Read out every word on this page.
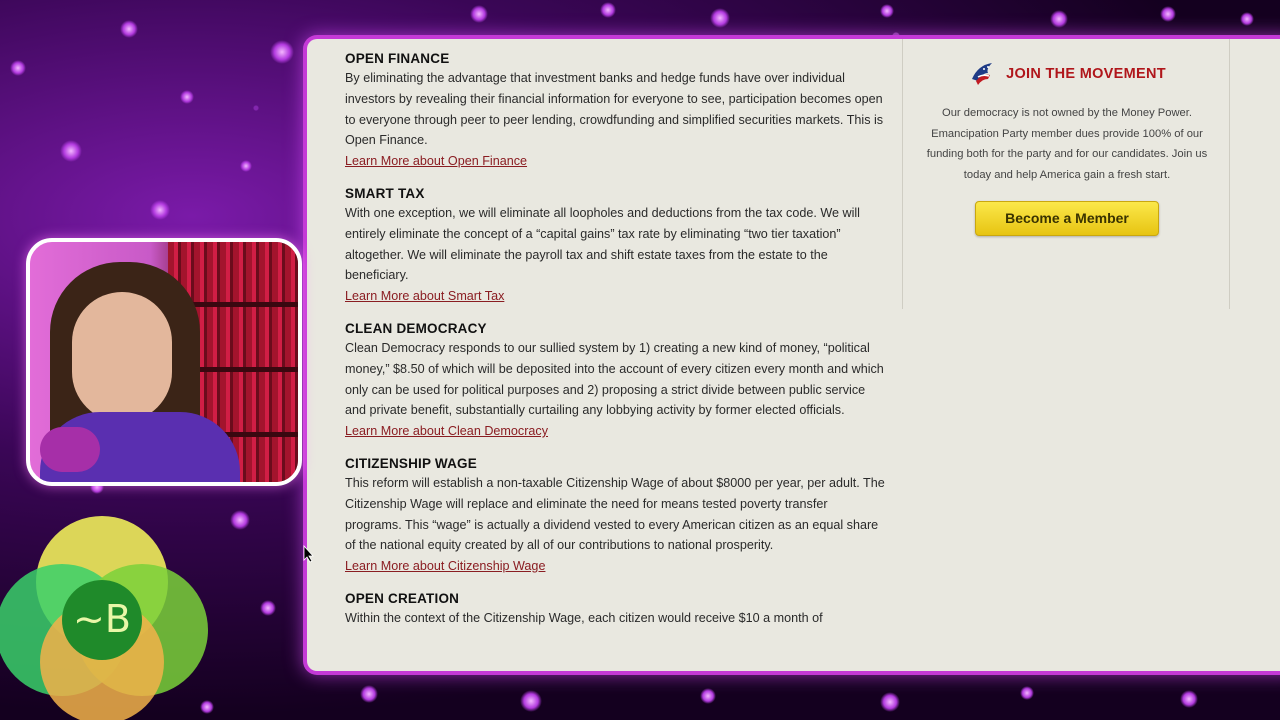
OPEN FINANCE

By eliminating the advantage that investment banks and hedge funds have over individual investors by revealing their financial information for everyone to see, participation becomes open to everyone through peer to peer lending, crowdfunding and simplified securities markets. This is Open Finance.

Learn More about Open Finance
SMART TAX

With one exception, we will eliminate all loopholes and deductions from the tax code. We will entirely eliminate the concept of a “capital gains” tax rate by eliminating “two tier taxation” altogether. We will eliminate the payroll tax and shift estate taxes from the estate to the beneficiary.

Learn More about Smart Tax
CLEAN DEMOCRACY

Clean Democracy responds to our sullied system by 1) creating a new kind of money, “political money,” $8.50 of which will be deposited into the account of every citizen every month and which only can be used for political purposes and 2) proposing a strict divide between public service and private benefit, substantially curtailing any lobbying activity by former elected officials.

Learn More about Clean Democracy
CITIZENSHIP WAGE

This reform will establish a non-taxable Citizenship Wage of about $8000 per year, per adult. The Citizenship Wage will replace and eliminate the need for means tested poverty transfer programs. This “wage” is actually a dividend vested to every American citizen as an equal share of the national equity created by all of our contributions to national prosperity.

Learn More about Citizenship Wage
OPEN CREATION

Within the context of the Citizenship Wage, each citizen would receive $10 a month of

JOIN THE MOVEMENT

Our democracy is not owned by the Money Power. Emancipation Party member dues provide 100% of our funding both for the party and for our candidates. Join us today and help America gain a fresh start.

Become a Member
~B
